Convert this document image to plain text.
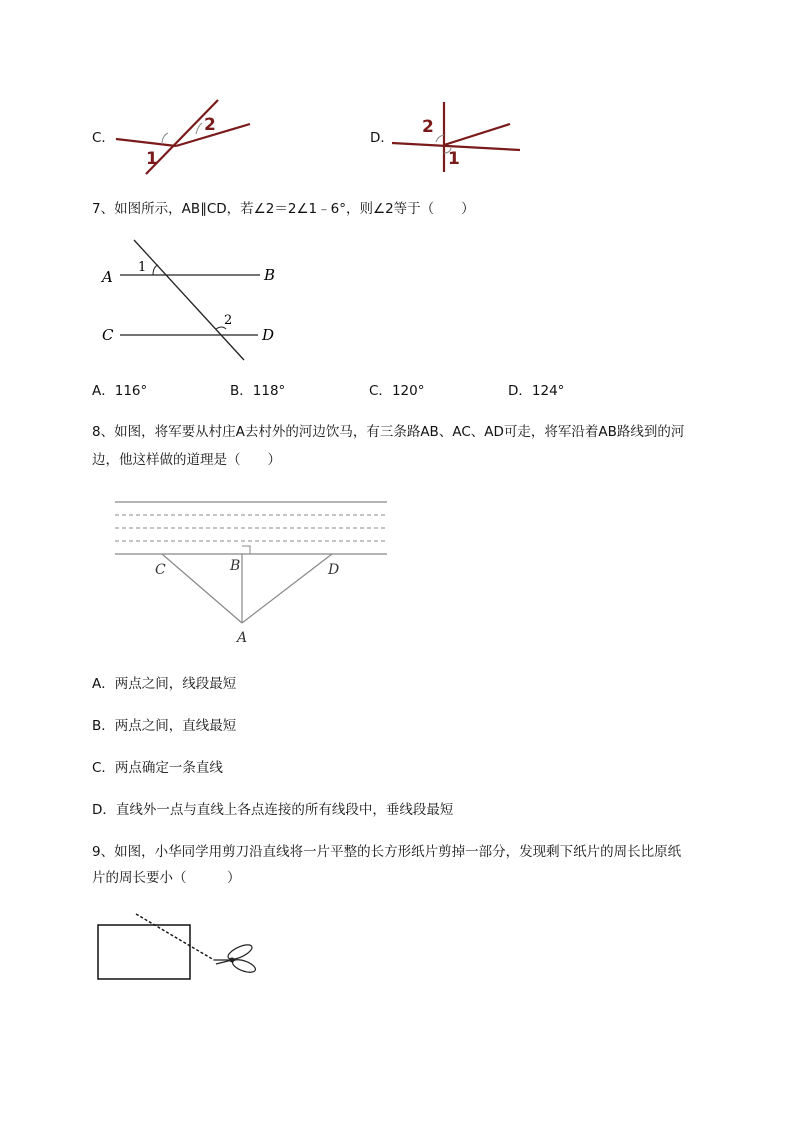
C．
1
2
D．
2
1
7、如图所示，AB∥CD，若∠2＝2∠1﹣6°，则∠2等于（　　）
A	B
C	D
1
2
A．116°	B．118°	C．120°	D．124°
8、如图，将军要从村庄A去村外的河边饮马，有三条路AB、AC、AD可走，将军沿着AB路线到的河
边，他这样做的道理是（　　）
C	B	D
A
A．两点之间，线段最短
B．两点之间，直线最短
C．两点确定一条直线
D．直线外一点与直线上各点连接的所有线段中，垂线段最短
9、如图，小华同学用剪刀沿直线将一片平整的长方形纸片剪掉一部分，发现剩下纸片的周长比原纸
片的周长要小（　　　）
